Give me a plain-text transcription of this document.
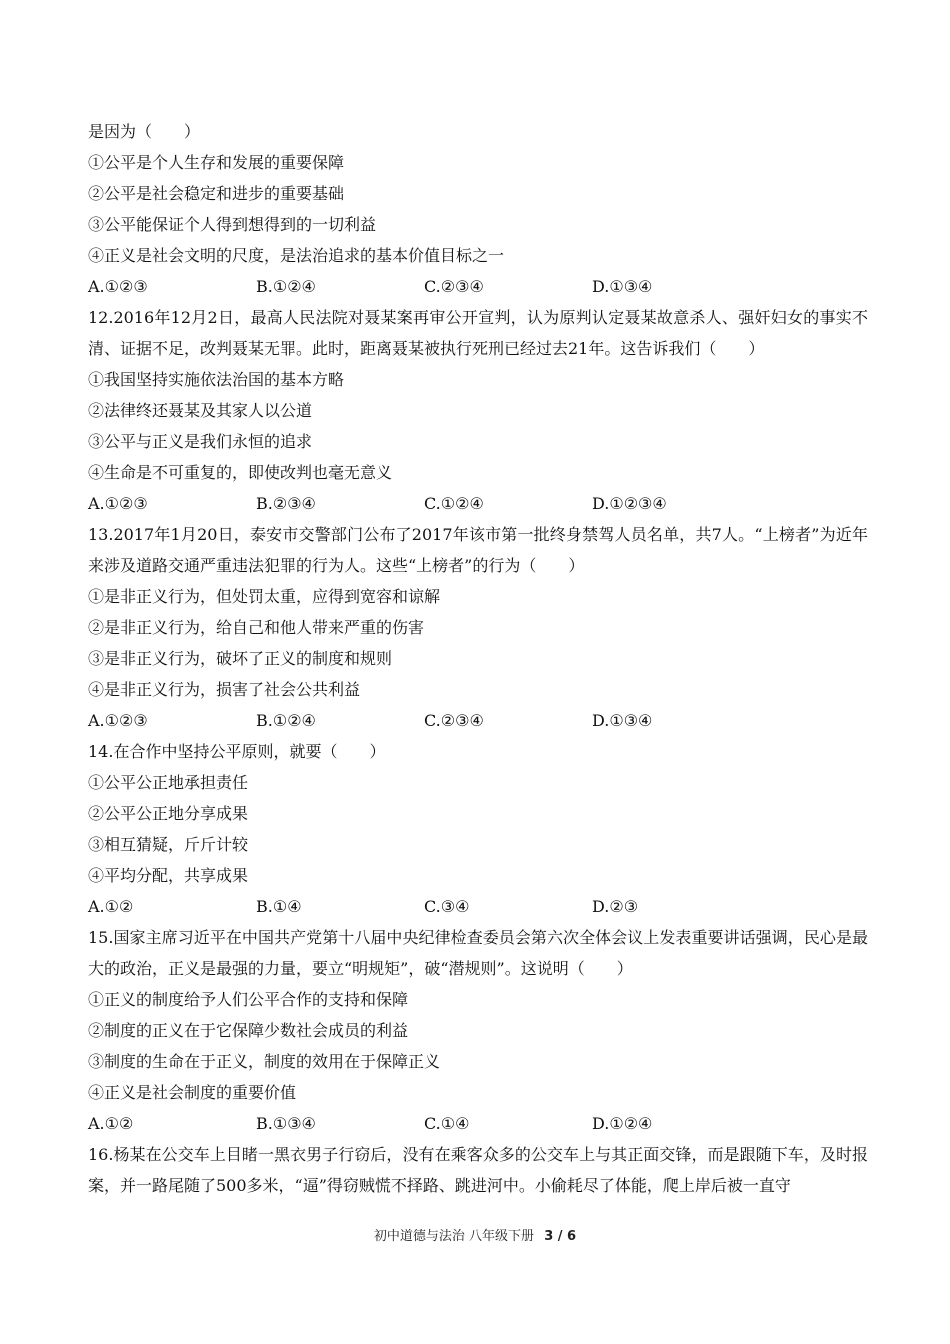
是因为（　　）
①公平是个人生存和发展的重要保障
②公平是社会稳定和进步的重要基础
③公平能保证个人得到想得到的一切利益
④正义是社会文明的尺度，是法治追求的基本价值目标之一
A.①②③	B.①②④	C.②③④	D.①③④
12.2016年12月2日，最高人民法院对聂某案再审公开宣判，认为原判认定聂某故意杀人、强奸妇女的事实不清、证据不足，改判聂某无罪。此时，距离聂某被执行死刑已经过去21年。这告诉我们（　　）
①我国坚持实施依法治国的基本方略
②法律终还聂某及其家人以公道
③公平与正义是我们永恒的追求
④生命是不可重复的，即使改判也毫无意义
A.①②③	B.②③④	C.①②④	D.①②③④
13.2017年1月20日，泰安市交警部门公布了2017年该市第一批终身禁驾人员名单，共7人。“上榜者”为近年来涉及道路交通严重违法犯罪的行为人。这些“上榜者”的行为（　　）
①是非正义行为，但处罚太重，应得到宽容和谅解
②是非正义行为，给自己和他人带来严重的伤害
③是非正义行为，破坏了正义的制度和规则
④是非正义行为，损害了社会公共利益
A.①②③	B.①②④	C.②③④	D.①③④
14.在合作中坚持公平原则，就要（　　）
①公平公正地承担责任
②公平公正地分享成果
③相互猜疑，斤斤计较
④平均分配，共享成果
A.①②	B.①④	C.③④	D.②③
15.国家主席习近平在中国共产党第十八届中央纪律检查委员会第六次全体会议上发表重要讲话强调，民心是最大的政治，正义是最强的力量，要立“明规矩”，破“潜规则”。这说明（　　）
①正义的制度给予人们公平合作的支持和保障
②制度的正义在于它保障少数社会成员的利益
③制度的生命在于正义，制度的效用在于保障正义
④正义是社会制度的重要价值
A.①②	B.①③④	C.①④	D.①②④
16.杨某在公交车上目睹一黑衣男子行窃后，没有在乘客众多的公交车上与其正面交锋，而是跟随下车，及时报案，并一路尾随了500多米，“逼”得窃贼慌不择路、跳进河中。小偷耗尽了体能，爬上岸后被一直守
初中道德与法治 八年级下册 3 / 6
